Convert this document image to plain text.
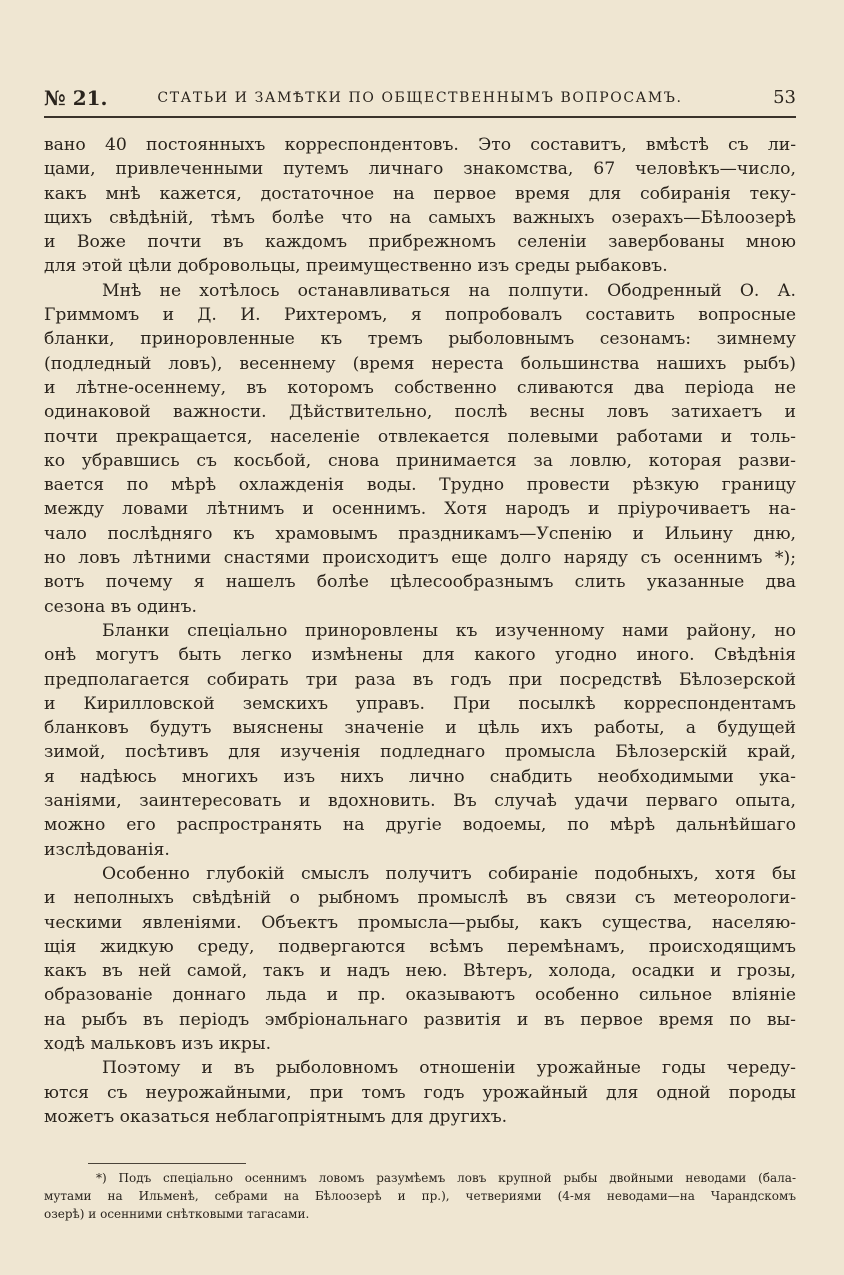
№ 21.	СТАТЬИ И ЗАМѢТКИ ПО ОБЩЕСТВЕННЫМЪ ВОПРОСАМЪ.	53
вано 40 постоянныхъ корреспондентовъ. Это составитъ, вмѣстѣ съ ли-
цами, привлеченными путемъ личнаго знакомства, 67 человѣкъ—число,
какъ мнѣ кажется, достаточное на первое время для собиранія теку-
щихъ свѣдѣній, тѣмъ болѣе что на самыхъ важныхъ озерахъ—Бѣлоозерѣ
и Воже почти въ каждомъ прибрежномъ селеніи завербованы мною
для этой цѣли добровольцы, преимущественно изъ среды рыбаковъ.
Мнѣ не хотѣлось останавливаться на полпути. Ободренный О. А.
Гриммомъ и Д. И. Рихтеромъ, я попробовалъ составить вопросные
бланки, приноровленные къ тремъ рыболовнымъ сезонамъ: зимнему
(подледный ловъ), весеннему (время нереста большинства нашихъ рыбъ)
и лѣтне-осеннему, въ которомъ собственно сливаются два періода не
одинаковой важности. Дѣйствительно, послѣ весны ловъ затихаетъ и
почти прекращается, населеніе отвлекается полевыми работами и толь-
ко убравшись съ косьбой, снова принимается за ловлю, которая разви-
вается по мѣрѣ охлажденія воды. Трудно провести рѣзкую границу
между ловами лѣтнимъ и осеннимъ. Хотя народъ и пріурочиваетъ на-
чало послѣдняго къ храмовымъ праздникамъ—Успенію и Ильину дню,
но ловъ лѣтними снастями происходитъ еще долго наряду съ осеннимъ *);
вотъ почему я нашелъ болѣе цѣлесообразнымъ слить указанные два
сезона въ одинъ.
Бланки спеціально приноровлены къ изученному нами району, но
онѣ могутъ быть легко измѣнены для какого угодно иного. Свѣдѣнія
предполагается собирать три раза въ годъ при посредствѣ Бѣлозерской
и Кирилловской земскихъ управъ. При посылкѣ корреспондентамъ
бланковъ будутъ выяснены значеніе и цѣль ихъ работы, а будущей
зимой, посѣтивъ для изученія подледнаго промысла Бѣлозерскій край,
я надѣюсь многихъ изъ нихъ лично снабдить необходимыми ука-
заніями, заинтересовать и вдохновить. Въ случаѣ удачи перваго опыта,
можно его распространять на другіе водоемы, по мѣрѣ дальнѣйшаго
изслѣдованія.
Особенно глубокій смыслъ получитъ собираніе подобныхъ, хотя бы
и неполныхъ свѣдѣній о рыбномъ промыслѣ въ связи съ метеорологи-
ческими явленіями. Объектъ промысла—рыбы, какъ существа, населяю-
щія жидкую среду, подвергаются всѣмъ перемѣнамъ, происходящимъ
какъ въ ней самой, такъ и надъ нею. Вѣтеръ, холода, осадки и грозы,
образованіе доннаго льда и пр. оказываютъ особенно сильное вліяніе
на рыбъ въ періодъ эмбріональнаго развитія и въ первое время по вы-
ходѣ мальковъ изъ икры.
Поэтому и въ рыболовномъ отношеніи урожайные годы череду-
ются съ неурожайными, при томъ годъ урожайный для одной породы
можетъ оказаться неблагопріятнымъ для другихъ.
*) Подъ спеціально осеннимъ ловомъ разумѣемъ ловъ крупной рыбы двойными неводами (бала-
мутами на Ильменѣ, себрами на Бѣлоозерѣ и пр.), четвериями (4-мя неводами—на Чарандскомъ
озерѣ) и осенними снѣтковыми тагасами.
